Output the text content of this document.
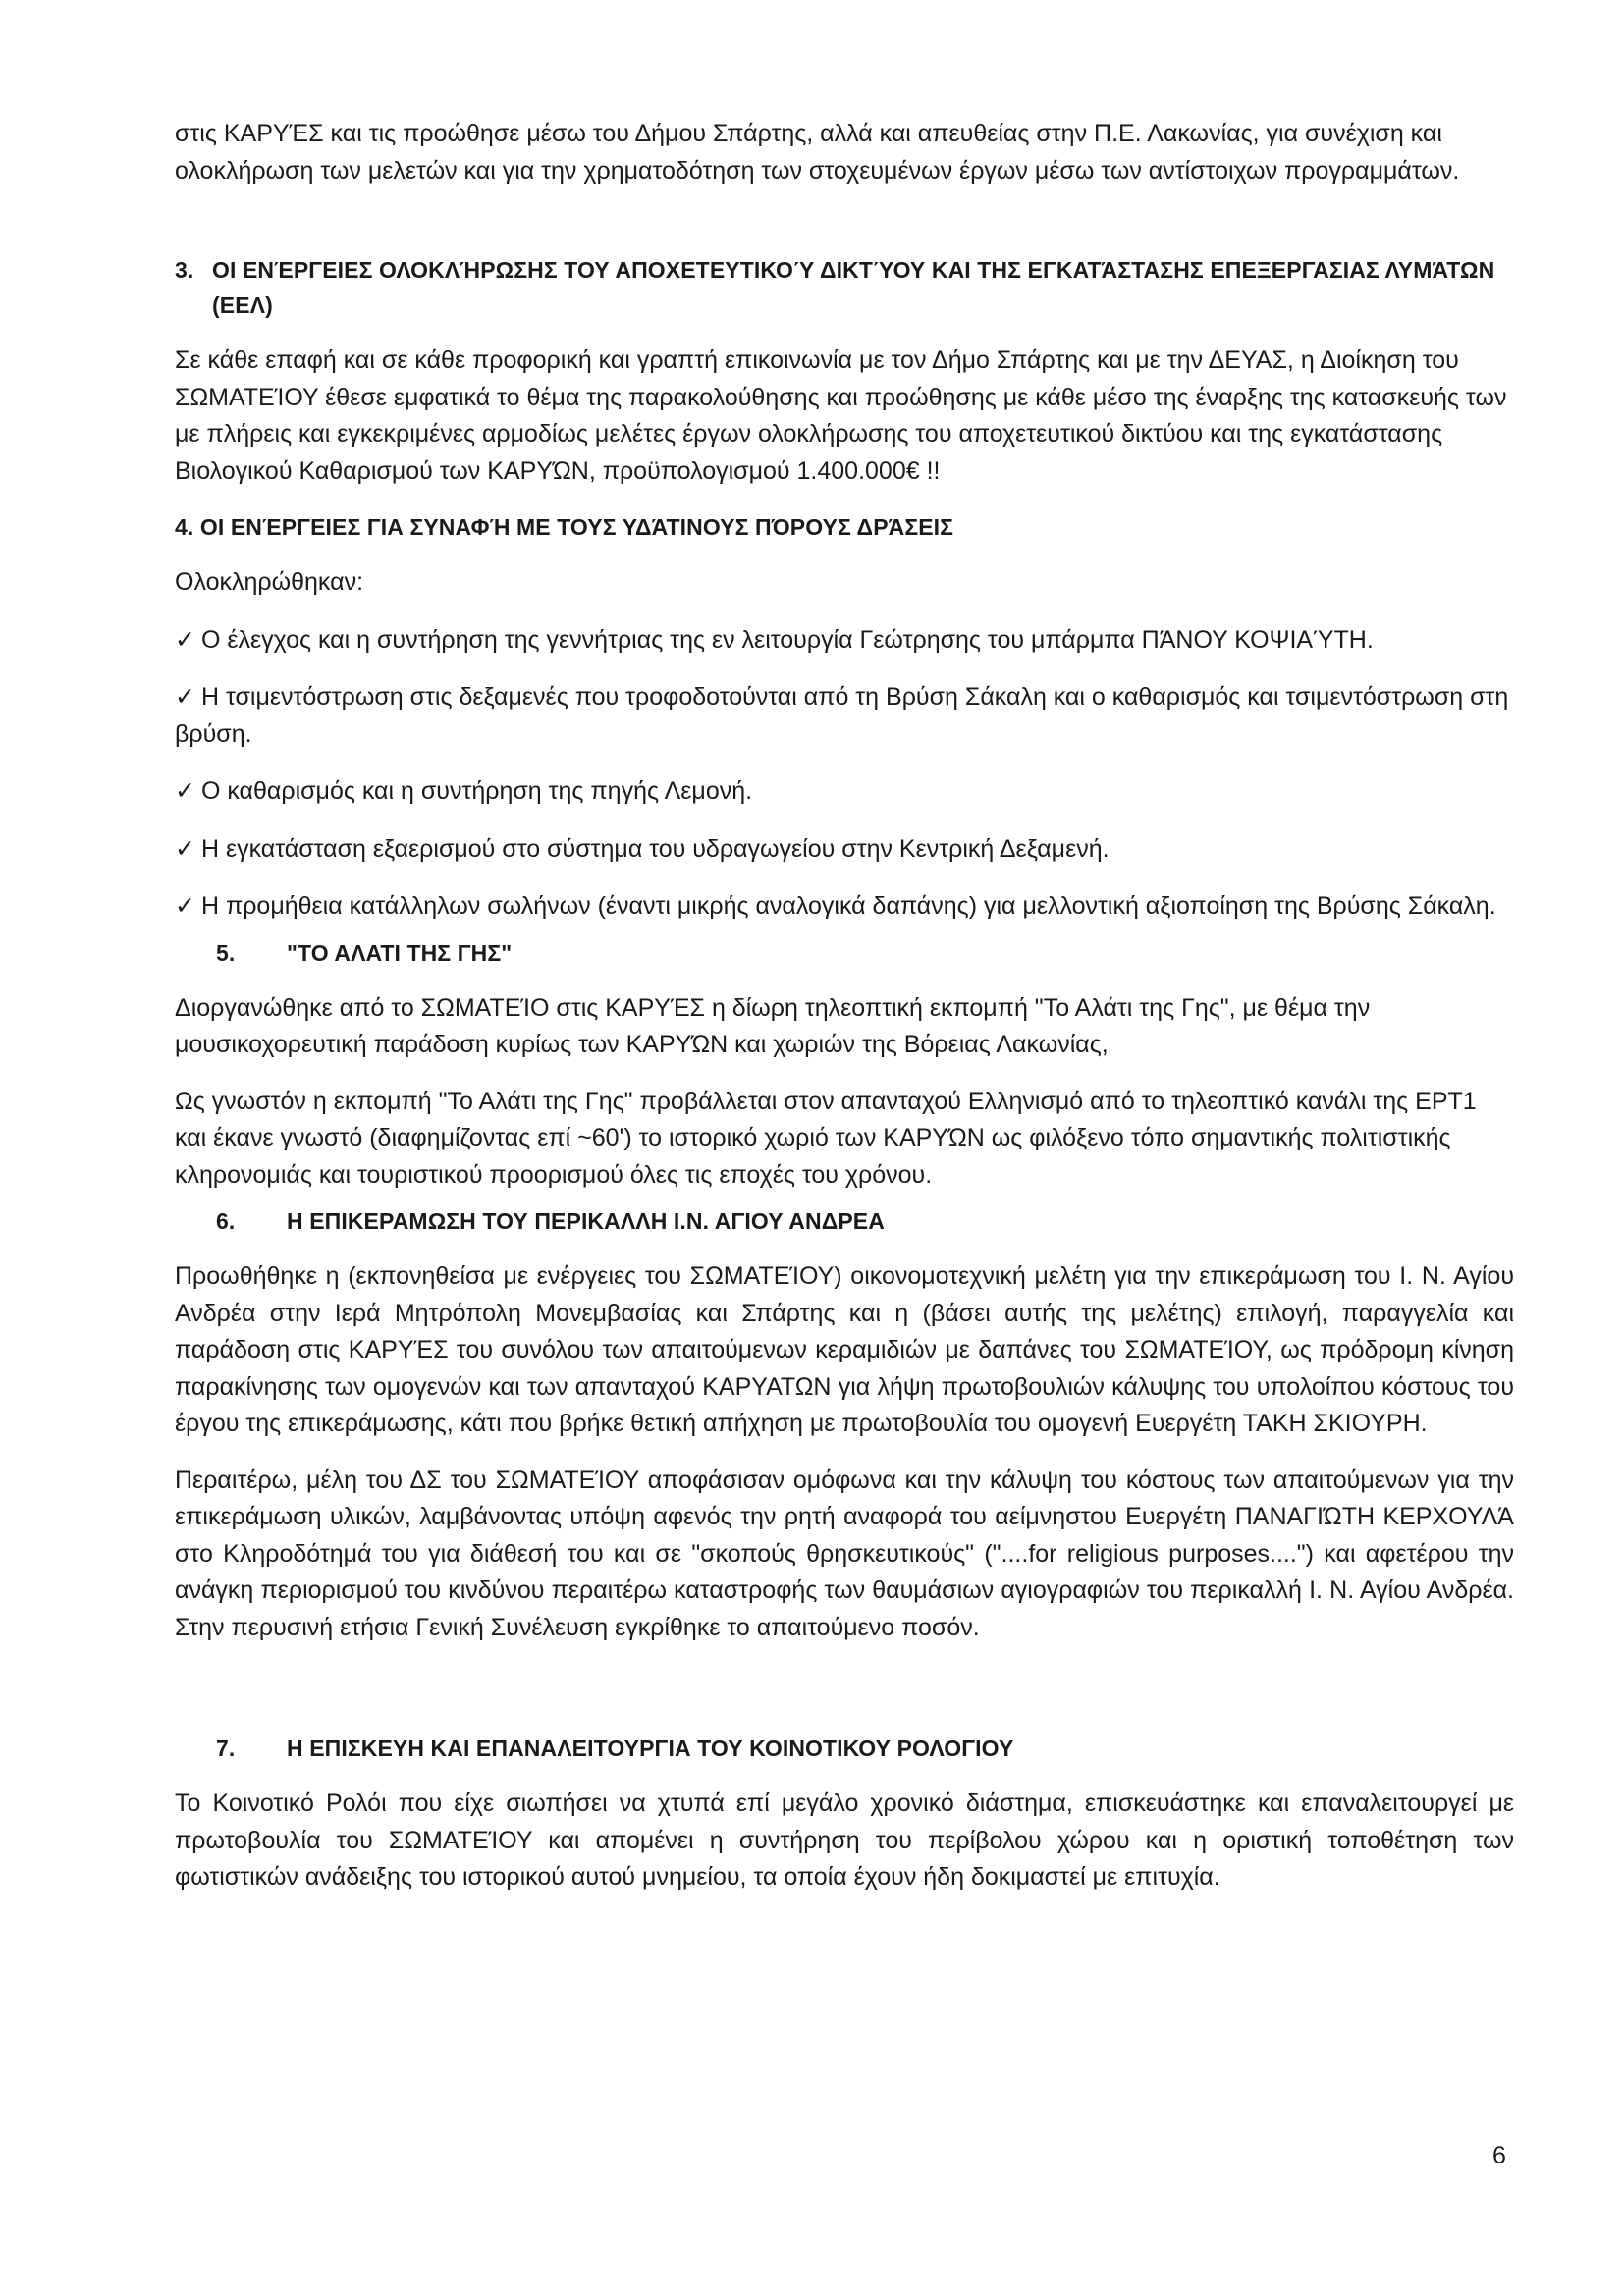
στις ΚΑΡΥΈΣ και τις προώθησε μέσω του Δήμου Σπάρτης, αλλά και απευθείας στην Π.Ε. Λακωνίας, για συνέχιση και ολοκλήρωση των μελετών και για την χρηματοδότηση των στοχευμένων έργων μέσω των αντίστοιχων προγραμμάτων.

3. ΟΙ ΕΝΈΡΓΕΙΕΣ ΟΛΟΚΛΉΡΩΣΗΣ ΤΟΥ ΑΠΟΧΕΤΕΥΤΙΚΟΎ ΔΙΚΤΎΟΥ ΚΑΙ ΤΗΣ ΕΓΚΑΤΆΣΤΑΣΗΣ ΕΠΕΞΕΡΓΑΣΙΑΣ ΛΥΜΆΤΩΝ (ΕΕΛ)

Σε κάθε επαφή και σε κάθε προφορική και γραπτή επικοινωνία με τον Δήμο Σπάρτης και με την ΔΕΥΑΣ, η Διοίκηση του ΣΩΜΑΤΕΊΟΥ έθεσε εμφατικά το θέμα της παρακολούθησης και προώθησης με κάθε μέσο της έναρξης της κατασκευής των με πλήρεις και εγκεκριμένες αρμοδίως μελέτες έργων ολοκλήρωσης του αποχετευτικού δικτύου και της εγκατάστασης Βιολογικού Καθαρισμού των ΚΑΡΥΏΝ, προϋπολογισμού 1.400.000€ !!

4. ΟΙ ΕΝΈΡΓΕΙΕΣ ΓΙΑ ΣΥΝΑΦΉ ΜΕ ΤΟΥΣ ΥΔΆΤΙΝΟΥΣ ΠΌΡΟΥΣ ΔΡΆΣΕΙΣ

Ολοκληρώθηκαν:

✓ Ο έλεγχος και η συντήρηση της γεννήτριας της εν λειτουργία Γεώτρησης του μπάρμπα ΠΆΝΟΥ ΚΟΨΙΑΎΤΗ.
✓ Η τσιμεντόστρωση στις δεξαμενές που τροφοδοτούνται από τη Βρύση Σάκαλη και ο καθαρισμός και τσιμεντόστρωση στη βρύση.
✓ Ο καθαρισμός και η συντήρηση της πηγής Λεμονή.
✓ Η εγκατάσταση εξαερισμού στο σύστημα του υδραγωγείου στην Κεντρική Δεξαμενή.
✓ Η προμήθεια κατάλληλων σωλήνων (έναντι μικρής αναλογικά δαπάνης) για μελλοντική αξιοποίηση της Βρύσης Σάκαλη.
5.	"ΤΟ ΑΛΑΤΙ ΤΗΣ ΓΗΣ"

Διοργανώθηκε από το ΣΩΜΑΤΕΊΟ στις ΚΑΡΥΈΣ η δίωρη τηλεοπτική εκπομπή "Το Αλάτι της Γης", με θέμα την μουσικοχορευτική παράδοση κυρίως των ΚΑΡΥΏΝ και χωριών της Βόρειας Λακωνίας,

Ως γνωστόν η εκπομπή "Το Αλάτι της Γης" προβάλλεται στον απανταχού Ελληνισμό από το τηλεοπτικό κανάλι της ΕΡΤ1 και έκανε γνωστό (διαφημίζοντας επί ~60') το ιστορικό χωριό των ΚΑΡΥΏΝ ως φιλόξενο τόπο σημαντικής πολιτιστικής κληρονομιάς και τουριστικού προορισμού όλες τις εποχές του χρόνου.

6.	Η ΕΠΙΚΕΡΑΜΩΣΗ ΤΟΥ ΠΕΡΙΚΑΛΛΗ Ι.Ν. ΑΓΙΟΥ ΑΝΔΡΕΑ

Προωθήθηκε η (εκπονηθείσα με ενέργειες του ΣΩΜΑΤΕΊΟΥ) οικονομοτεχνική μελέτη για την επικεράμωση του Ι. Ν. Αγίου Ανδρέα στην Ιερά Μητρόπολη Μονεμβασίας και Σπάρτης και η (βάσει αυτής της μελέτης) επιλογή, παραγγελία και παράδοση στις ΚΑΡΥΈΣ του συνόλου των απαιτούμενων κεραμιδιών με δαπάνες του ΣΩΜΑΤΕΊΟΥ, ως πρόδρομη κίνηση παρακίνησης των ομογενών και των απανταχού ΚΑΡΥΑΤΩΝ για λήψη πρωτοβουλιών κάλυψης του υπολοίπου κόστους του έργου της επικεράμωσης, κάτι που βρήκε θετική απήχηση με πρωτοβουλία του ομογενή Ευεργέτη ΤΑΚΗ ΣΚΙΟΥΡΗ.

Περαιτέρω, μέλη του ΔΣ του ΣΩΜΑΤΕΊΟΥ αποφάσισαν ομόφωνα και την κάλυψη του κόστους των απαιτούμενων για την επικεράμωση υλικών, λαμβάνοντας υπόψη αφενός την ρητή αναφορά του αείμνηστου Ευεργέτη ΠΑΝΑΓΙΏΤΗ ΚΕΡΧΟΥΛΆ στο Κληροδότημά του για διάθεσή του και σε "σκοπούς θρησκευτικούς" ("....for religious purposes....") και αφετέρου την ανάγκη περιορισμού του κινδύνου περαιτέρω καταστροφής των θαυμάσιων αγιογραφιών του περικαλλή Ι. Ν. Αγίου Ανδρέα. Στην περυσινή ετήσια Γενική Συνέλευση εγκρίθηκε το απαιτούμενο ποσόν.

7.	Η ΕΠΙΣΚΕΥΗ ΚΑΙ ΕΠΑΝΑΛΕΙΤΟΥΡΓΙΑ ΤΟΥ ΚΟΙΝΟΤΙΚΟΥ ΡΟΛΟΓΙΟΥ

Το Κοινοτικό Ρολόι που είχε σιωπήσει να χτυπά επί μεγάλο χρονικό διάστημα, επισκευάστηκε και επαναλειτουργεί με πρωτοβουλία του ΣΩΜΑΤΕΊΟΥ και απομένει η συντήρηση του περίβολου χώρου και η οριστική τοποθέτηση των φωτιστικών ανάδειξης του ιστορικού αυτού μνημείου, τα οποία έχουν ήδη δοκιμαστεί με επιτυχία.

6
